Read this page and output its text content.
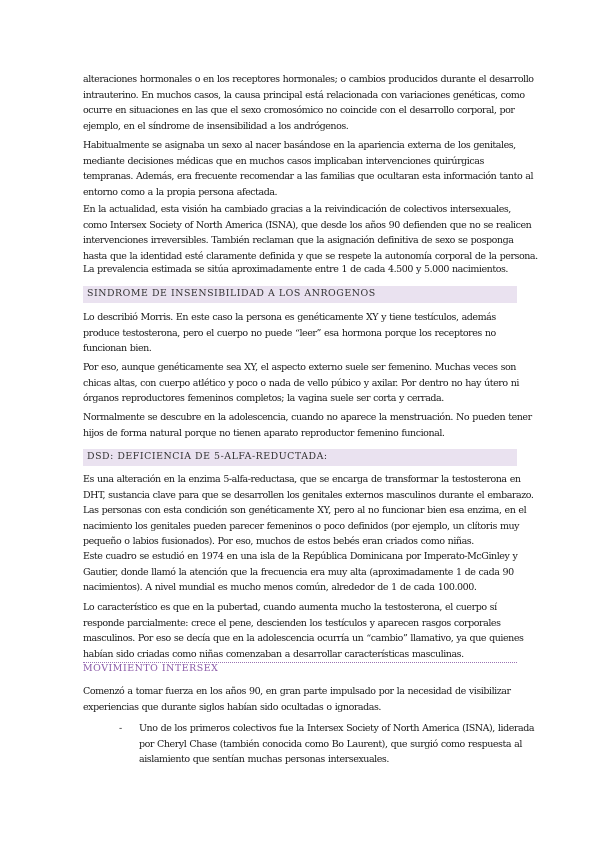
alteraciones hormonales o en los receptores hormonales; o cambios producidos durante el desarrollo
intrauterino. En muchos casos, la causa principal está relacionada con variaciones genéticas, como
ocurre en situaciones en las que el sexo cromosómico no coincide con el desarrollo corporal, por
ejemplo, en el síndrome de insensibilidad a los andrógenos.

Habitualmente se asignaba un sexo al nacer basándose en la apariencia externa de los genitales,
mediante decisiones médicas que en muchos casos implicaban intervenciones quirúrgicas
tempranas. Además, era frecuente recomendar a las familias que ocultaran esta información tanto al
entorno como a la propia persona afectada.

En la actualidad, esta visión ha cambiado gracias a la reivindicación de colectivos intersexuales,
como Intersex Society of North America (ISNA), que desde los años 90 defienden que no se realicen
intervenciones irreversibles. También reclaman que la asignación definitiva de sexo se posponga
hasta que la identidad esté claramente definida y que se respete la autonomía corporal de la persona.

La prevalencia estimada se sitúa aproximadamente entre 1 de cada 4.500 y 5.000 nacimientos.

SINDROME DE INSENSIBILIDAD A LOS ANROGENOS

Lo describió Morris. En este caso la persona es genéticamente XY y tiene testículos, además
produce testosterona, pero el cuerpo no puede “leer” esa hormona porque los receptores no
funcionan bien.

Por eso, aunque genéticamente sea XY, el aspecto externo suele ser femenino. Muchas veces son
chicas altas, con cuerpo atlético y poco o nada de vello púbico y axilar. Por dentro no hay útero ni
órganos reproductores femeninos completos; la vagina suele ser corta y cerrada.

Normalmente se descubre en la adolescencia, cuando no aparece la menstruación. No pueden tener
hijos de forma natural porque no tienen aparato reproductor femenino funcional.

DSD: DEFICIENCIA DE 5-ALFA-REDUCTADA:

Es una alteración en la enzima 5-alfa-reductasa, que se encarga de transformar la testosterona en
DHT, sustancia clave para que se desarrollen los genitales externos masculinos durante el embarazo.
Las personas con esta condición son genéticamente XY, pero al no funcionar bien esa enzima, en el
nacimiento los genitales pueden parecer femeninos o poco definidos (por ejemplo, un clítoris muy
pequeño o labios fusionados). Por eso, muchos de estos bebés eran criados como niñas.

Este cuadro se estudió en 1974 en una isla de la República Dominicana por Imperato-McGinley y
Gautier, donde llamó la atención que la frecuencia era muy alta (aproximadamente 1 de cada 90
nacimientos). A nivel mundial es mucho menos común, alrededor de 1 de cada 100.000.

Lo característico es que en la pubertad, cuando aumenta mucho la testosterona, el cuerpo sí
responde parcialmente: crece el pene, descienden los testículos y aparecen rasgos corporales
masculinos. Por eso se decía que en la adolescencia ocurría un “cambio” llamativo, ya que quienes
habían sido criadas como niñas comenzaban a desarrollar características masculinas.

MOVIMIENTO INTERSEX

Comenzó a tomar fuerza en los años 90, en gran parte impulsado por la necesidad de visibilizar
experiencias que durante siglos habían sido ocultadas o ignoradas.

- Uno de los primeros colectivos fue la Intersex Society of North America (ISNA), liderada
por Cheryl Chase (también conocida como Bo Laurent), que surgió como respuesta al
aislamiento que sentían muchas personas intersexuales.
